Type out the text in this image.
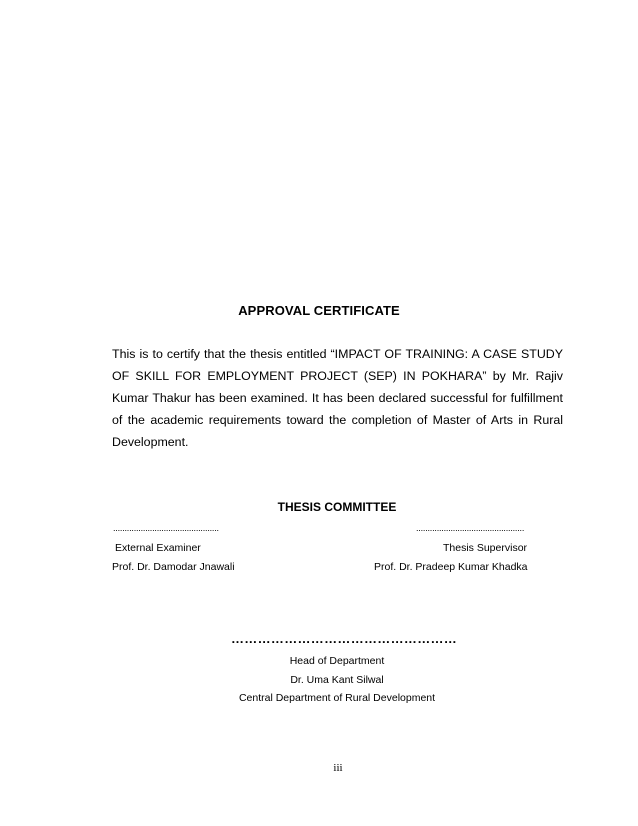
APPROVAL CERTIFICATE

This is to certify that the thesis entitled “IMPACT OF TRAINING: A CASE STUDY OF SKILL FOR EMPLOYMENT PROJECT (SEP) IN POKHARA” by Mr. Rajiv Kumar Thakur has been examined. It has been declared successful for fulfillment of the academic requirements toward the completion of Master of Arts in Rural Development.

THESIS COMMITTEE
..............................................	...............................................
External Examiner
Prof. Dr. Damodar Jnawali
Thesis Supervisor
Prof. Dr. Pradeep Kumar Khadka
……………………………………………
Head of Department
Dr. Uma Kant Silwal
Central Department of Rural Development
iii
